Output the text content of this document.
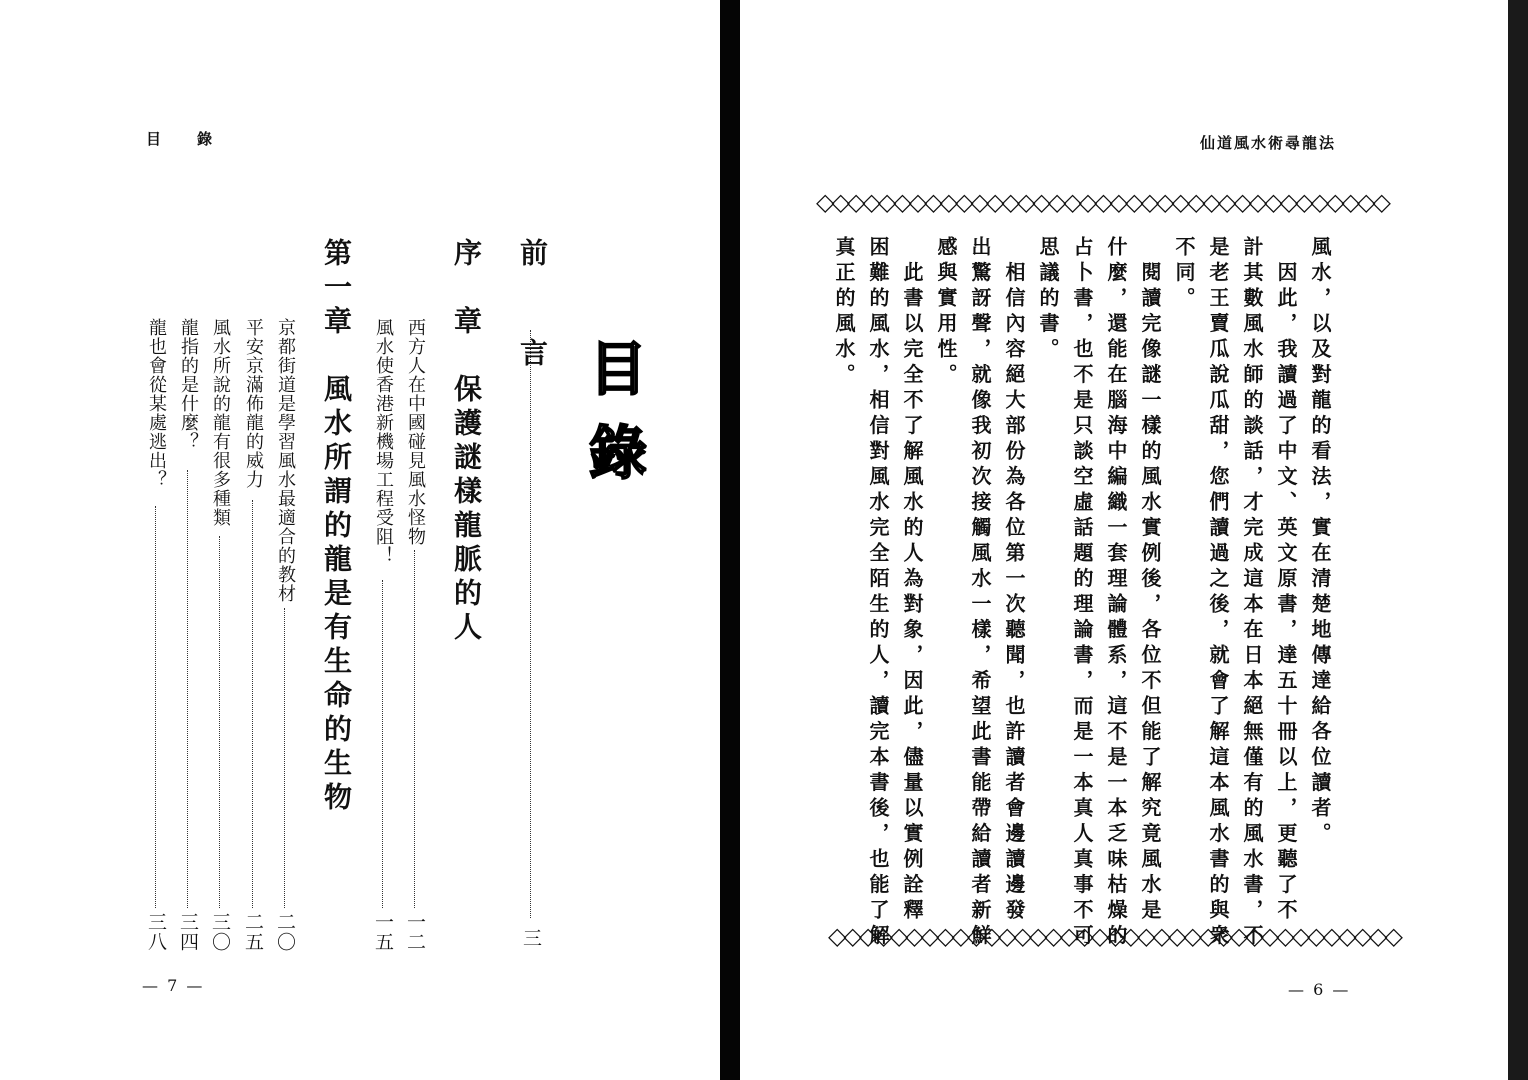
目　　錄
目
錄
前　言
三
序　章　保護謎樣龍脈的人
西方人在中國碰見風水怪物
一二
風水使香港新機場工程受阻！
一五
第一章　風水所謂的龍是有生命的生物
京都街道是學習風水最適合的教材
二〇
平安京滿佈龍的威力
二五
風水所說的龍有很多種類
三〇
龍指的是什麼？
三四
龍也會從某處逃出？
三八
— 7 —
仙道風水術尋龍法
◇◇◇◇◇◇◇◇◇◇◇◇◇◇◇◇◇◇◇◇◇◇◇◇◇◇◇◇◇◇◇◇◇◇◇◇◇
風水，以及對龍的看法，實在清楚地傳達給各位讀者。
　因此，我讀過了中文、英文原書，達五十冊以上，更聽了不
計其數風水師的談話，才完成這本在日本絕無僅有的風水書，不
是老王賣瓜說瓜甜，您們讀過之後，就會了解這本風水書的與衆
不同。
　閱讀完像謎一樣的風水實例後，各位不但能了解究竟風水是
什麼，還能在腦海中編織一套理論體系，這不是一本乏味枯燥的
占卜書，也不是只談空虛話題的理論書，而是一本真人真事不可
思議的書。
　相信內容絕大部份為各位第一次聽聞，也許讀者會邊讀邊發
出驚訝聲，就像我初次接觸風水一樣，希望此書能帶給讀者新鮮
感與實用性。
　此書以完全不了解風水的人為對象，因此，儘量以實例詮釋
困難的風水，相信對風水完全陌生的人，讀完本書後，也能了解
真正的風水。
◇◇◇◇◇◇◇◇◇◇◇◇◇◇◇◇◇◇◇◇◇◇◇◇◇◇◇◇◇◇◇◇◇◇◇◇◇
— 6 —
